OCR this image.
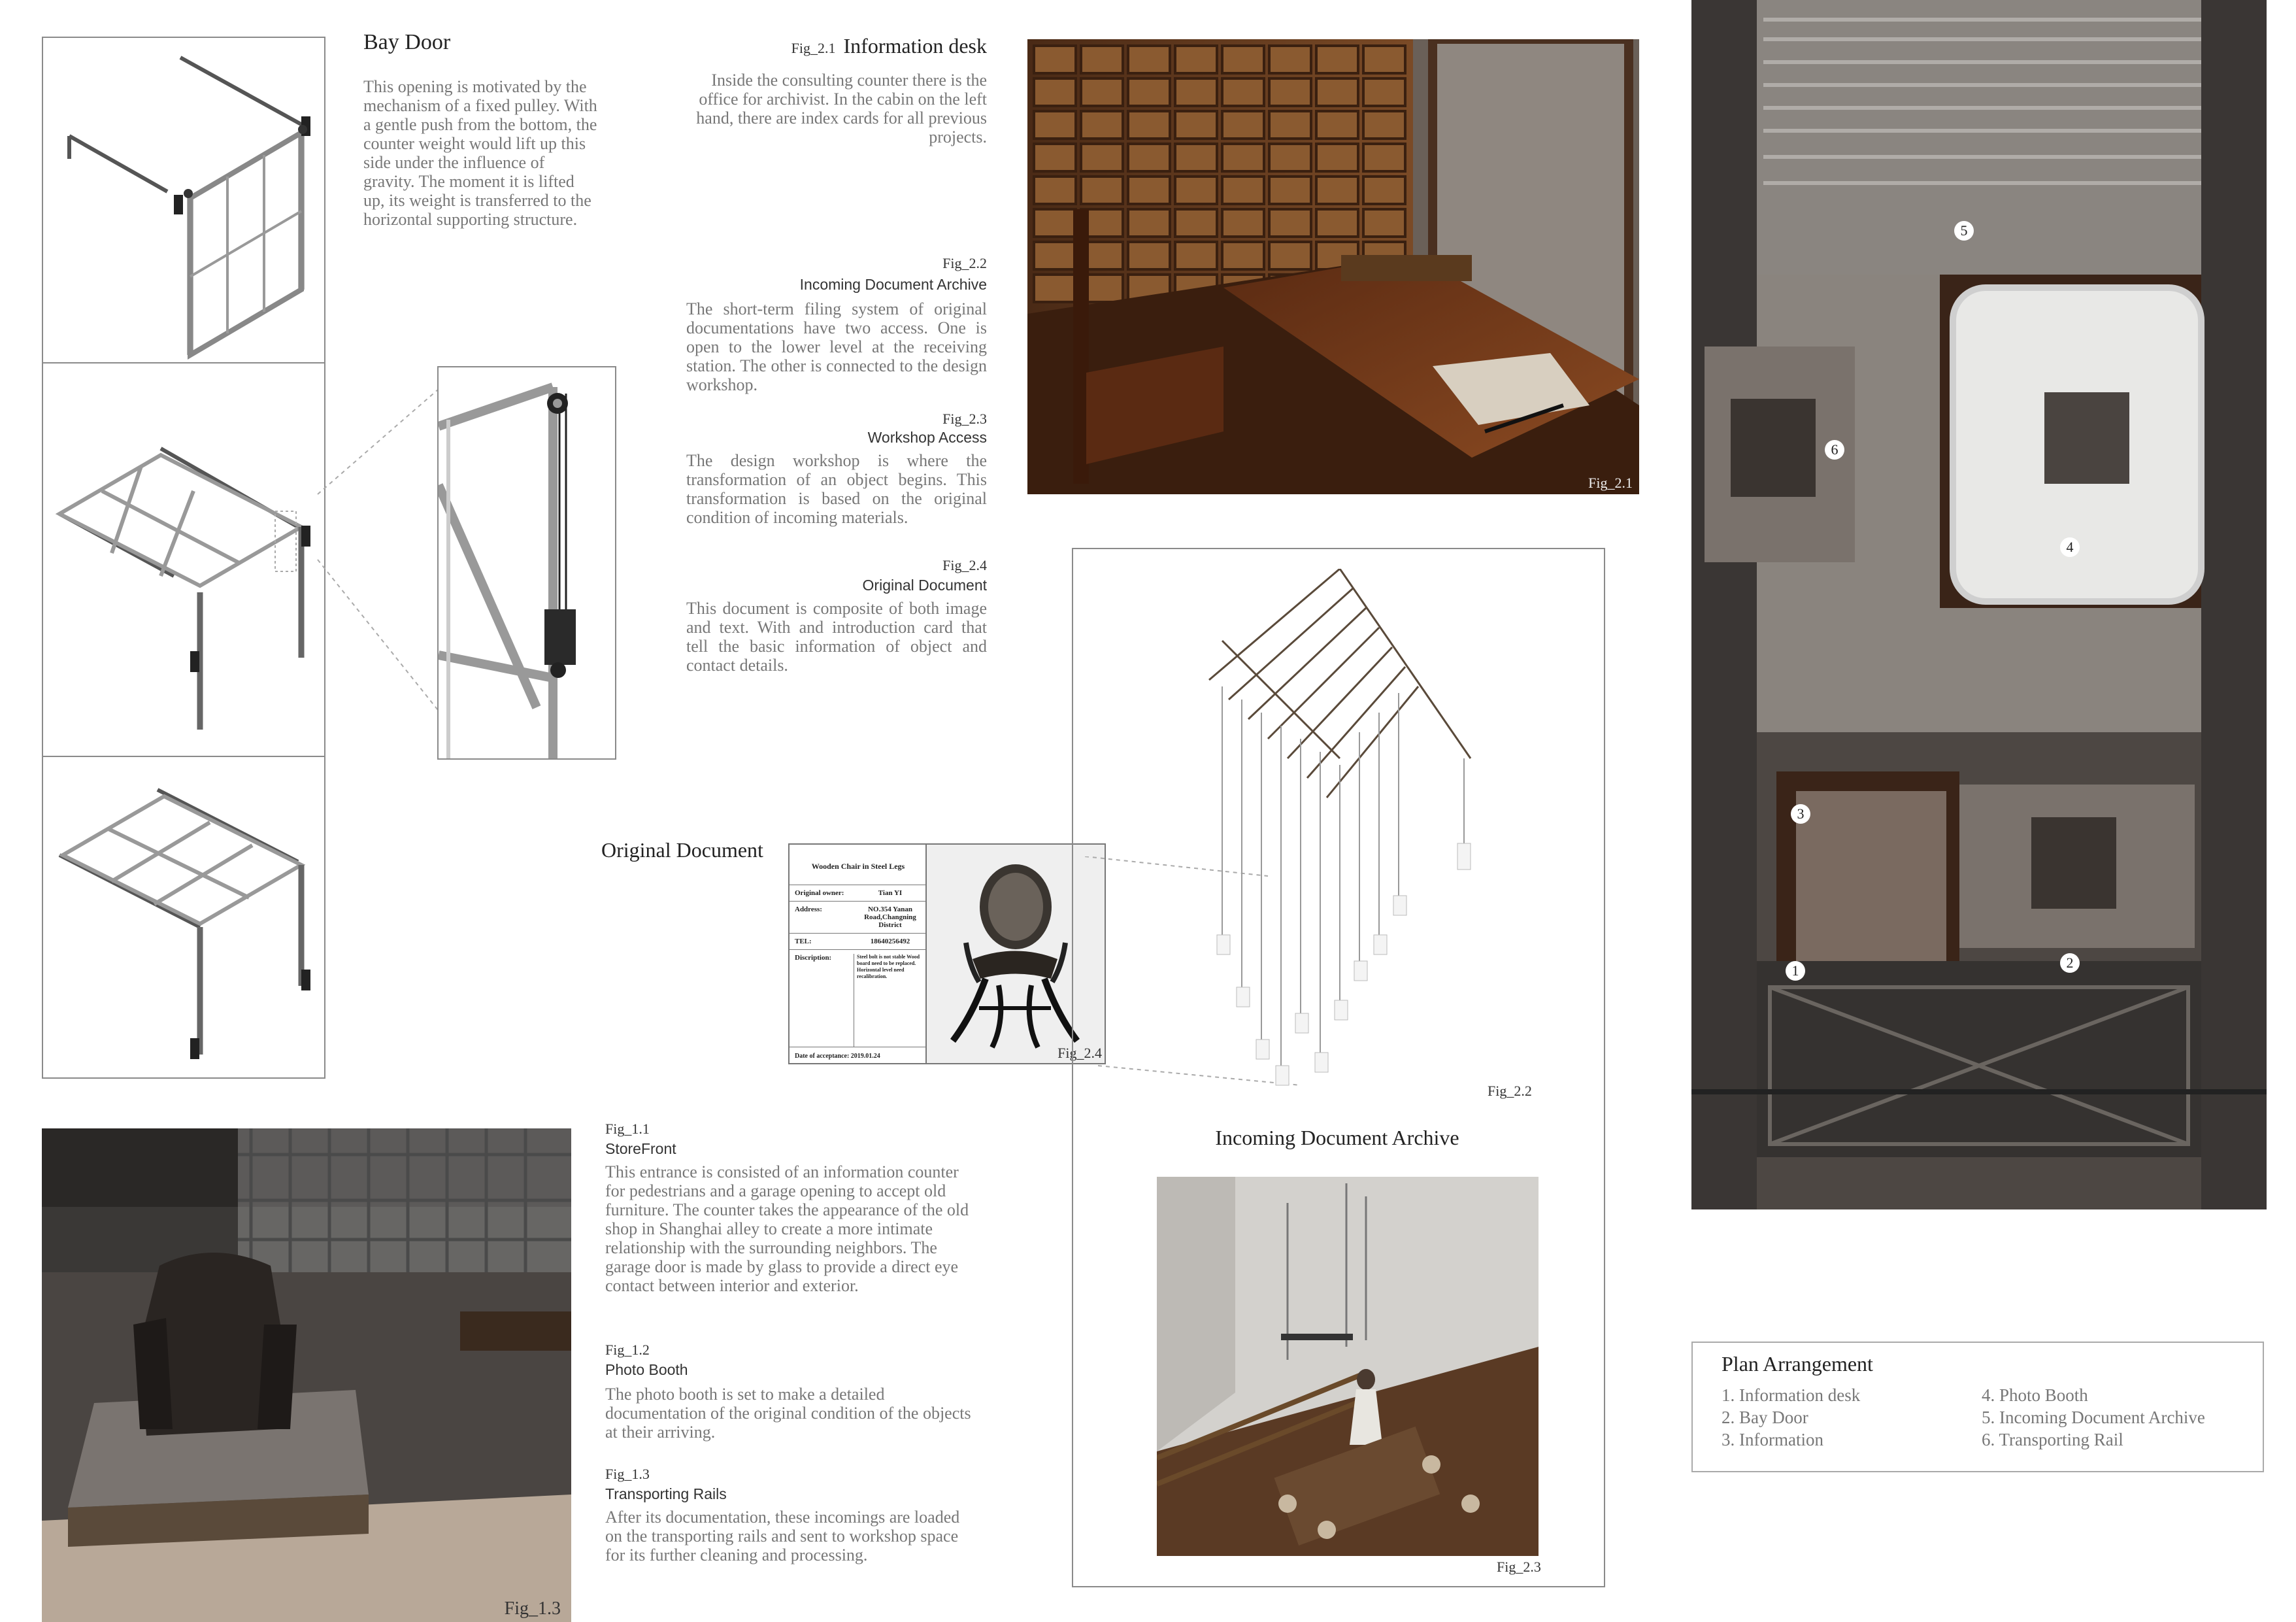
Bay Door
This opening is motivated by the mechanism of a fixed pulley. With a gentle push from the bottom, the counter weight would lift up this side under the influence of gravity. The moment it is lifted up, its weight is transferred to the horizontal supporting structure.
Fig_2.1 Information desk
Inside the consulting counter there is the office for archivist. In the cabin on the left hand, there are index cards for all previous projects.
Fig_2.2
Incoming Document Archive
The short-term filing system of original documentations have two access. One is open to the lower level at the receiving station. The other is connected to the design workshop.
Fig_2.3
Workshop Access
The design workshop is where the transformation of an object begins. This transformation is based on the original condition of incoming materials.
Fig_2.4
Original Document
This document is composite of both image and text. With and introduction card that tell the basic information of object and contact details.
Fig_2.1
Original Document
Wooden Chair in Steel Legs
Original owner:	Tian YI
Address:	NO.354 Yanan Road,Changning District
TEL:	18640256492
Discription:	Steel bolt is not stable Wood board need to be replaced. Horizontal level need recalibration.
Date of acceptance: 2019.01.24	Fig_2.4
Fig_2.2
Incoming Document Archive
Fig_2.3
Fig_1.3
Fig_1.1
StoreFront
This entrance is consisted of an information counter for pedestrians and a garage opening to accept old furniture. The counter takes the appearance of the old shop in Shanghai alley to create a more intimate relationship with the surrounding neighbors. The garage door is made by glass to provide a direct eye contact between interior and exterior.
Fig_1.2
Photo Booth
The photo booth is set to make a detailed documentation of the original condition of the objects at their arriving.
Fig_1.3
Transporting Rails
After its documentation, these incomings are loaded on the transporting rails and sent to workshop space for its further cleaning and processing.
1	2
3
4
5
6
Plan Arrangement
1. Information desk
2. Bay Door
3. Information
4. Photo Booth
5. Incoming Document Archive
6. Transporting Rail
